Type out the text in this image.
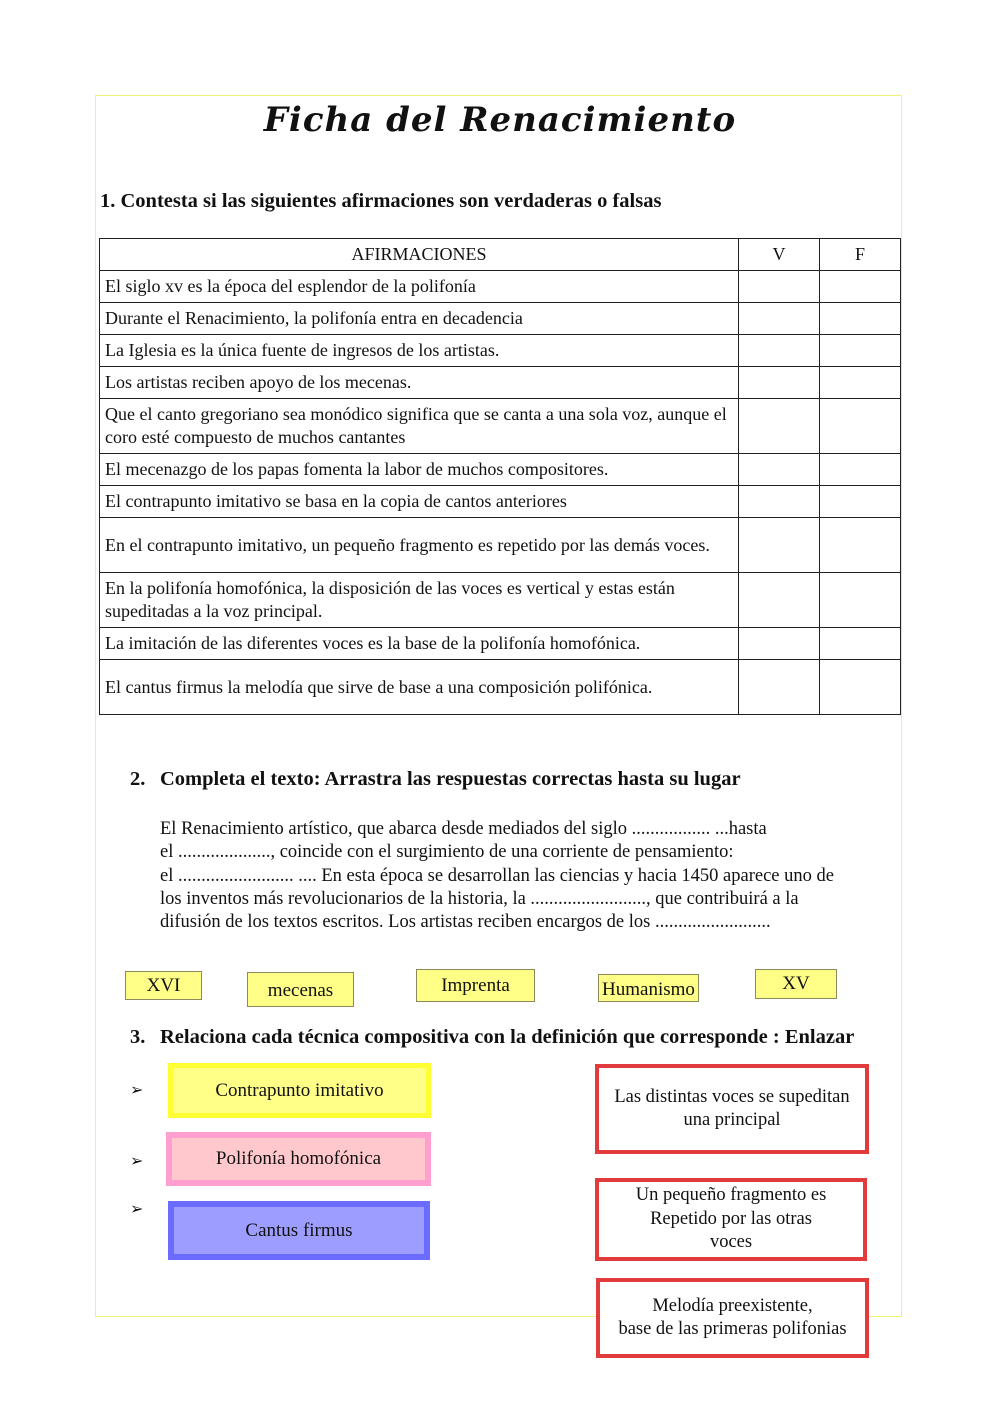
Ficha del Renacimiento
1. Contesta si las siguientes afirmaciones son verdaderas o falsas
AFIRMACIONES	V	F
El siglo xv es la época del esplendor de la polifonía		
Durante el Renacimiento, la polifonía entra en decadencia		
La Iglesia es la única fuente de ingresos de los artistas.		
Los artistas reciben apoyo de los mecenas.		
Que el canto gregoriano sea monódico significa que se canta a una sola voz, aunque el coro esté compuesto de muchos cantantes		
El mecenazgo de los papas fomenta la labor de muchos compositores.		
El contrapunto imitativo se basa en la copia de cantos anteriores		
En el contrapunto imitativo, un pequeño fragmento es repetido por las demás voces.		
En la polifonía homofónica, la disposición de las voces es vertical y estas están supeditadas a la voz principal.		
La imitación de las diferentes voces es la base de la polifonía homofónica.		
El cantus firmus la melodía que sirve de base a una composición polifónica.		
2. Completa el texto: Arrastra las respuestas correctas hasta su lugar
El Renacimiento artístico, que abarca desde mediados del siglo ................. ...hasta
el ...................., coincide con el surgimiento de una corriente de pensamiento:
el ......................... .... En esta época se desarrollan las ciencias y hacia 1450 aparece uno de
los inventos más revolucionarios de la historia, la ........................., que contribuirá a la
difusión de los textos escritos. Los artistas reciben encargos de los .........................
XVI	mecenas	Imprenta	Humanismo	XV
3. Relaciona cada técnica compositiva con la definición que corresponde : Enlazar
➢
➢
➢
Contrapunto imitativo
Polifonía homofónica
Cantus firmus
Las distintas voces se supeditan
una principal
Un pequeño fragmento es
Repetido por las otras
voces
Melodía preexistente,
base de las primeras polifonias
